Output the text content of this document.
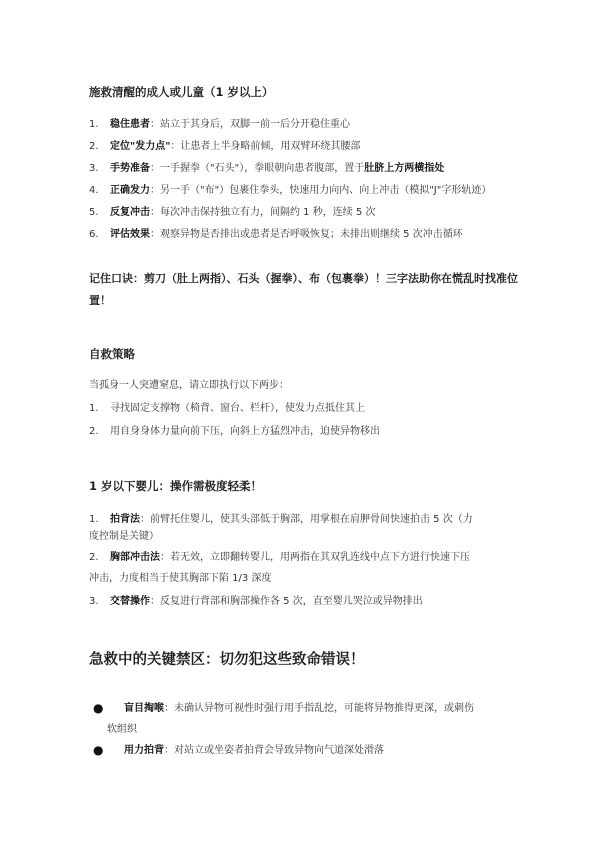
施救清醒的成人或儿童（1 岁以上）
1. 稳住患者：站立于其身后，双脚一前一后分开稳住重心
2. 定位"发力点"：让患者上半身略前倾，用双臂环绕其腰部
3. 手势准备：一手握拳（"石头"），拳眼朝向患者腹部，置于肚脐上方两横指处
4. 正确发力：另一手（"布"）包裹住拳头，快速用力向内、向上冲击（模拟"J"字形轨迹）
5. 反复冲击：每次冲击保持独立有力，间隔约 1 秒，连续 5 次
6. 评估效果：观察异物是否排出或患者是否呼吸恢复；未排出则继续 5 次冲击循环
记住口诀：剪刀（肚上两指）、石头（握拳）、布（包裹拳）！三字法助你在慌乱时找准位
置！
自救策略
当孤身一人突遭窒息，请立即执行以下两步：
1. 寻找固定支撑物（椅背、窗台、栏杆），使发力点抵住其上
2. 用自身身体力量向前下压，向斜上方猛烈冲击，迫使异物移出
1 岁以下婴儿：操作需极度轻柔！
1. 拍背法：前臂托住婴儿，使其头部低于胸部，用掌根在肩胛骨间快速拍击 5 次（力
度控制是关键）
2. 胸部冲击法：若无效，立即翻转婴儿，用两指在其双乳连线中点下方进行快速下压
冲击，力度相当于使其胸部下陷 1/3 深度
3. 交替操作：反复进行背部和胸部操作各 5 次，直至婴儿哭泣或异物排出
急救中的关键禁区：切勿犯这些致命错误！
● 盲目掏喉：未确认异物可视性时强行用手指乱挖，可能将异物推得更深，或刺伤
软组织
● 用力拍背：对站立或坐姿者拍背会导致异物向气道深处滑落
